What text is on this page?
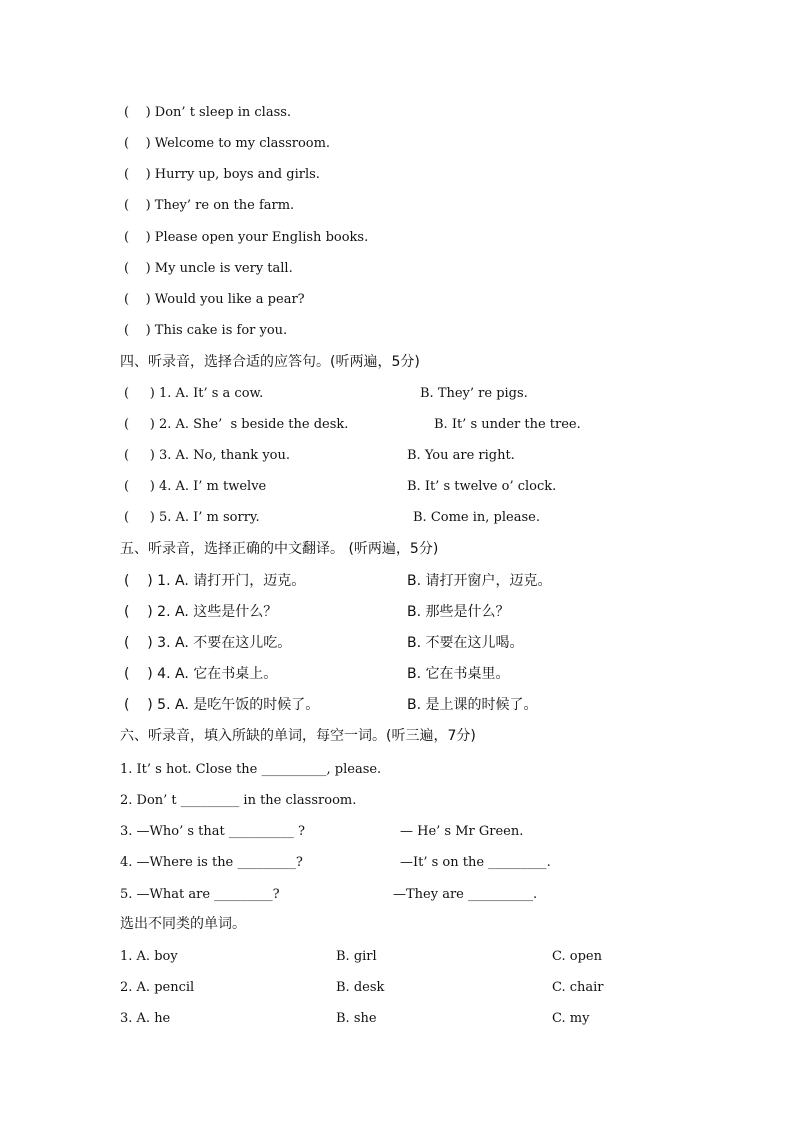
(    ) Don’ t sleep in class.
(    ) Welcome to my classroom.
(    ) Hurry up, boys and girls.
(    ) They’ re on the farm.
(    ) Please open your English books.
(    ) My uncle is very tall.
(    ) Would you like a pear?
(    ) This cake is for you.
四、听录音，选择合适的应答句。(听两遍，5分)
(     ) 1. A. It’ s a cow.	B. They’ re pigs.
(     ) 2. A. She’  s beside the desk.	B. It’ s under the tree.
(     ) 3. A. No, thank you.	B. You are right.
(     ) 4. A. I’ m twelve	B. It’ s twelve o’ clock.
(     ) 5. A. I’ m sorry.	B. Come in, please.
五、听录音，选择正确的中文翻译。 (听两遍，5分)
(    ) 1. A. 请打开门，迈克。	B. 请打开窗户，迈克。
(    ) 2. A. 这些是什么？	B. 那些是什么？
(    ) 3. A. 不要在这儿吃。	B. 不要在这儿喝。
(    ) 4. A. 它在书桌上。	B. 它在书桌里。
(    ) 5. A. 是吃午饭的时候了。	B. 是上课的时候了。
六、听录音，填入所缺的单词，每空一词。(听三遍，7分)
1. It’ s hot. Close the __________, please.
2. Don’ t _________ in the classroom.
3. —Who’ s that __________ ?	— He’ s Mr Green.
4. —Where is the _________?	—It’ s on the _________.
5. —What are _________?	—They are __________.
选出不同类的单词。
1. A. boy	B. girl	C. open
2. A. pencil	B. desk	C. chair
3. A. he	B. she	C. my
